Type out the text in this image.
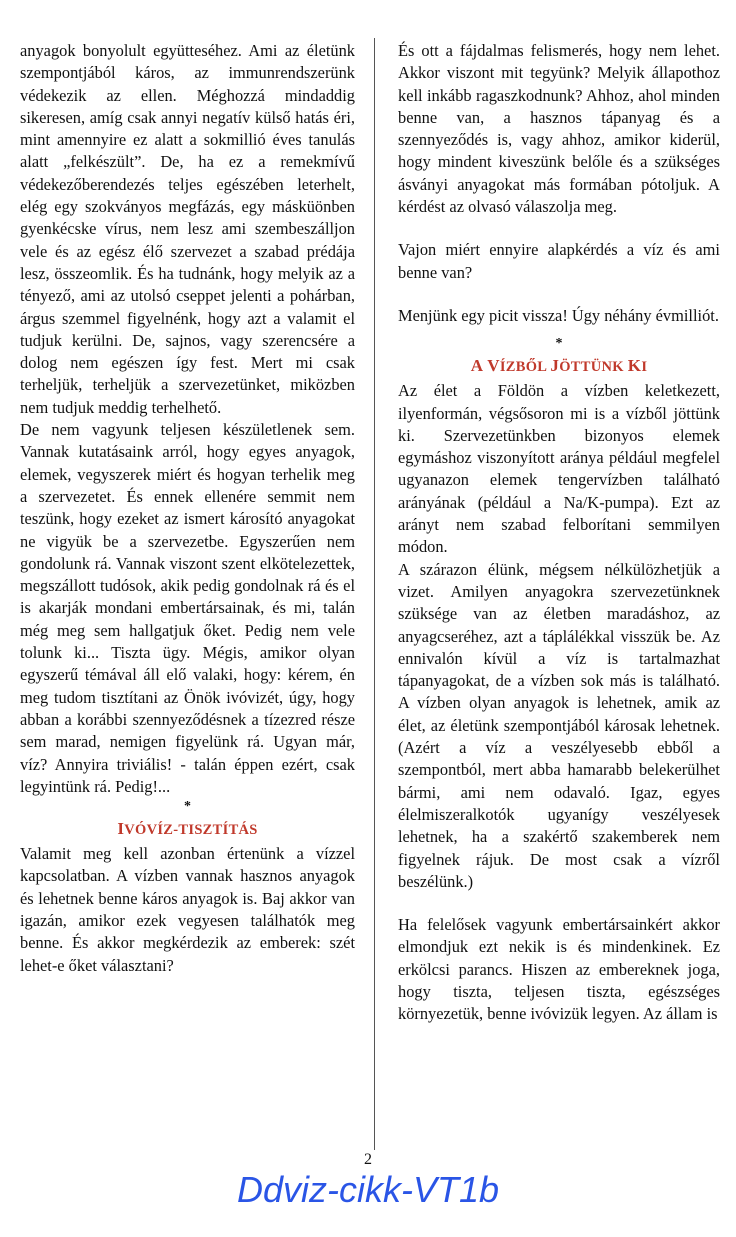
anyagok bonyolult együtteséhez. Ami az életünk szempontjából káros, az immunrendszerünk védekezik az ellen. Méghozzá mindaddig sikeresen, amíg csak annyi negatív külső hatás éri, mint amennyire ez alatt a sokmillió éves tanulás alatt „felkészült”. De, ha ez a remekmívű védekezőberendezés teljes egészében leterhelt, elég egy szokványos megfázás, egy másküönben gyenkécske vírus, nem lesz ami szembeszálljon vele és az egész élő szervezet a szabad prédája lesz, összeomlik. És ha tudnánk, hogy melyik az a tényező, ami az utolsó cseppet jelenti a pohárban, árgus szemmel figyelnénk, hogy azt a valamit el tudjuk kerülni. De, sajnos, vagy szerencsére a dolog nem egészen így fest. Mert mi csak terheljük, terheljük a szervezetünket, miközben nem tudjuk meddig terhelhető.

De nem vagyunk teljesen készületlenek sem. Vannak kutatásaink arról, hogy egyes anyagok, elemek, vegyszerek miért és hogyan terhelik meg a szervezetet. És ennek ellenére semmit nem teszünk, hogy ezeket az ismert károsító anyagokat ne vigyük be a szervezetbe. Egyszerűen nem gondolunk rá. Vannak viszont szent elkötelezettek, megszállott tudósok, akik pedig gondolnak rá és el is akarják mondani embertársainak, és mi, talán még meg sem hallgatjuk őket. Pedig nem vele tolunk ki... Tiszta ügy. Mégis, amikor olyan egyszerű témával áll elő valaki, hogy: kérem, én meg tudom tisztítani az Önök ivóvizét, úgy, hogy abban a korábbi szennyeződésnek a tízezred része sem marad, nemigen figyelünk rá. Ugyan már, víz? Annyira triviális! - talán éppen ezért, csak legyintünk rá. Pedig!...

*

IVÓVÍZ-TISZTÍTÁS

Valamit meg kell azonban értenünk a vízzel kapcsolatban. A vízben vannak hasznos anyagok és lehetnek benne káros anyagok is. Baj akkor van igazán, amikor ezek vegyesen találhatók meg benne. És akkor megkérdezik az emberek: szét lehet-e őket választani?

És ott a fájdalmas felismerés, hogy nem lehet. Akkor viszont mit tegyünk? Melyik állapothoz kell inkább ragaszkodnunk? Ahhoz, ahol minden benne van, a hasznos tápanyag és a szennyeződés is, vagy ahhoz, amikor kiderül, hogy mindent kiveszünk belőle és a szükséges ásványi anyagokat más formában pótoljuk. A kérdést az olvasó válaszolja meg.

Vajon miért ennyire alapkérdés a víz és ami benne van?

Menjünk egy picit vissza! Úgy néhány évmilliót.

*

A VÍZBŐL JÖTTÜNK KI

Az élet a Földön a vízben keletkezett, ilyenformán, végsősoron mi is a vízből jöttünk ki. Szervezetünkben bizonyos elemek egymáshoz viszonyított aránya például megfelel ugyanazon elemek tengervízben található arányának (például a Na/K-pumpa). Ezt az arányt nem szabad felborítani semmilyen módon.

A szárazon élünk, mégsem nélkülözhetjük a vizet. Amilyen anyagokra szervezetünknek szüksége van az életben maradáshoz, az anyagcseréhez, azt a táplálékkal visszük be. Az ennivalón kívül a víz is tartalmazhat tápanyagokat, de a vízben sok más is található. A vízben olyan anyagok is lehetnek, amik az élet, az életünk szempontjából károsak lehetnek. (Azért a víz a veszélyesebb ebből a szempontból, mert abba hamarabb belekerülhet bármi, ami nem odavaló. Igaz, egyes élelmiszeralkotók ugyanígy veszélyesek lehetnek, ha a szakértő szakemberek nem figyelnek rájuk. De most csak a vízről beszélünk.)

Ha felelősek vagyunk embertársainkért akkor elmondjuk ezt nekik is és mindenkinek. Ez erkölcsi parancs. Hiszen az embereknek joga, hogy tiszta, teljesen tiszta, egészséges környezetük, benne ivóvizük legyen. Az állam is

2
Ddviz-cikk-VT1b
